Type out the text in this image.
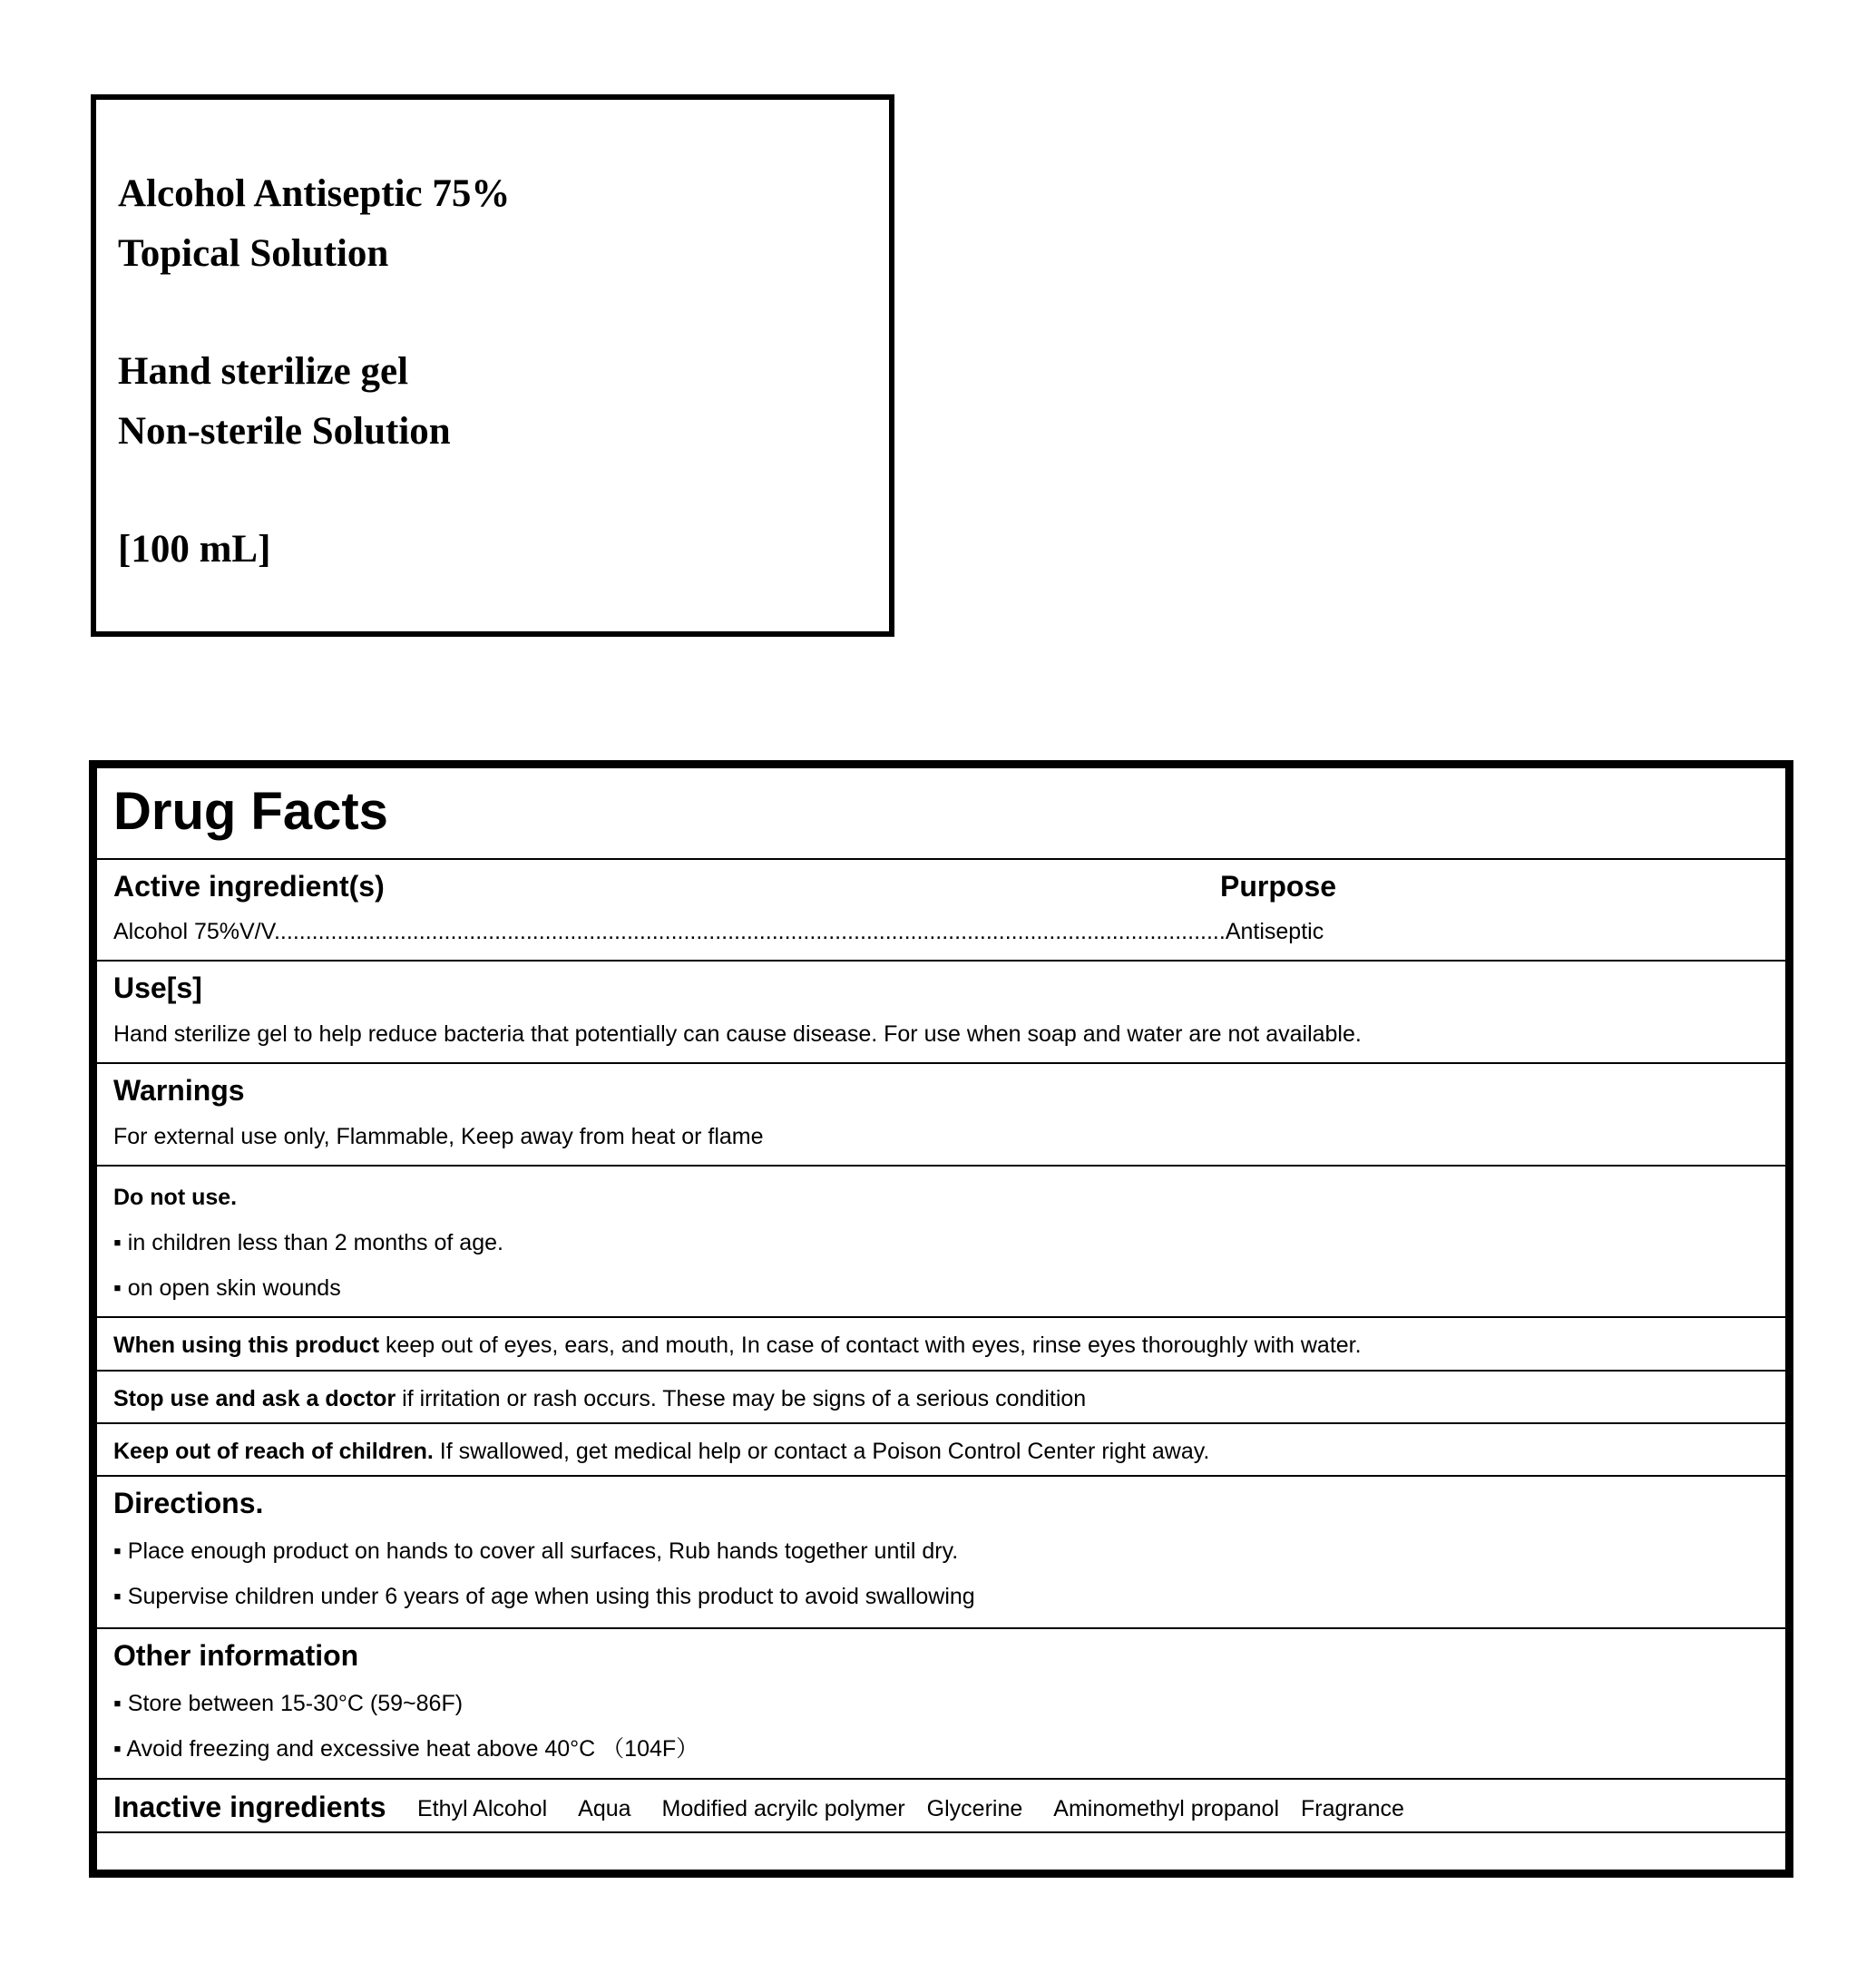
Alcohol Antiseptic 75%
Topical Solution
Hand sterilize gel
Non-sterile Solution
[100 mL]
Drug Facts
Active ingredient(s)	Purpose
Alcohol 75%V/V.......................................................................................................................................................Antiseptic
Use[s]
Hand sterilize gel to help reduce bacteria that potentially can cause disease. For use when soap and water are not available.
Warnings
For external use only, Flammable, Keep away from heat or flame
Do not use.
▪ in children less than 2 months of age.
▪ on open skin wounds
When using this product keep out of eyes, ears, and mouth, In case of contact with eyes, rinse eyes thoroughly with water.
Stop use and ask a doctor if irritation or rash occurs. These may be signs of a serious condition
Keep out of reach of children. If swallowed, get medical help or contact a Poison Control Center right away.
Directions.
▪ Place enough product on hands to cover all surfaces, Rub hands together until dry.
▪ Supervise children under 6 years of age when using this product to avoid swallowing
Other information
▪ Store between 15-30°C (59~86F)
▪ Avoid freezing and excessive heat above 40°C （104F）
Inactive ingredients Ethyl Alcohol Aqua Modified acryilc polymer Glycerine Aminomethyl propanol Fragrance
